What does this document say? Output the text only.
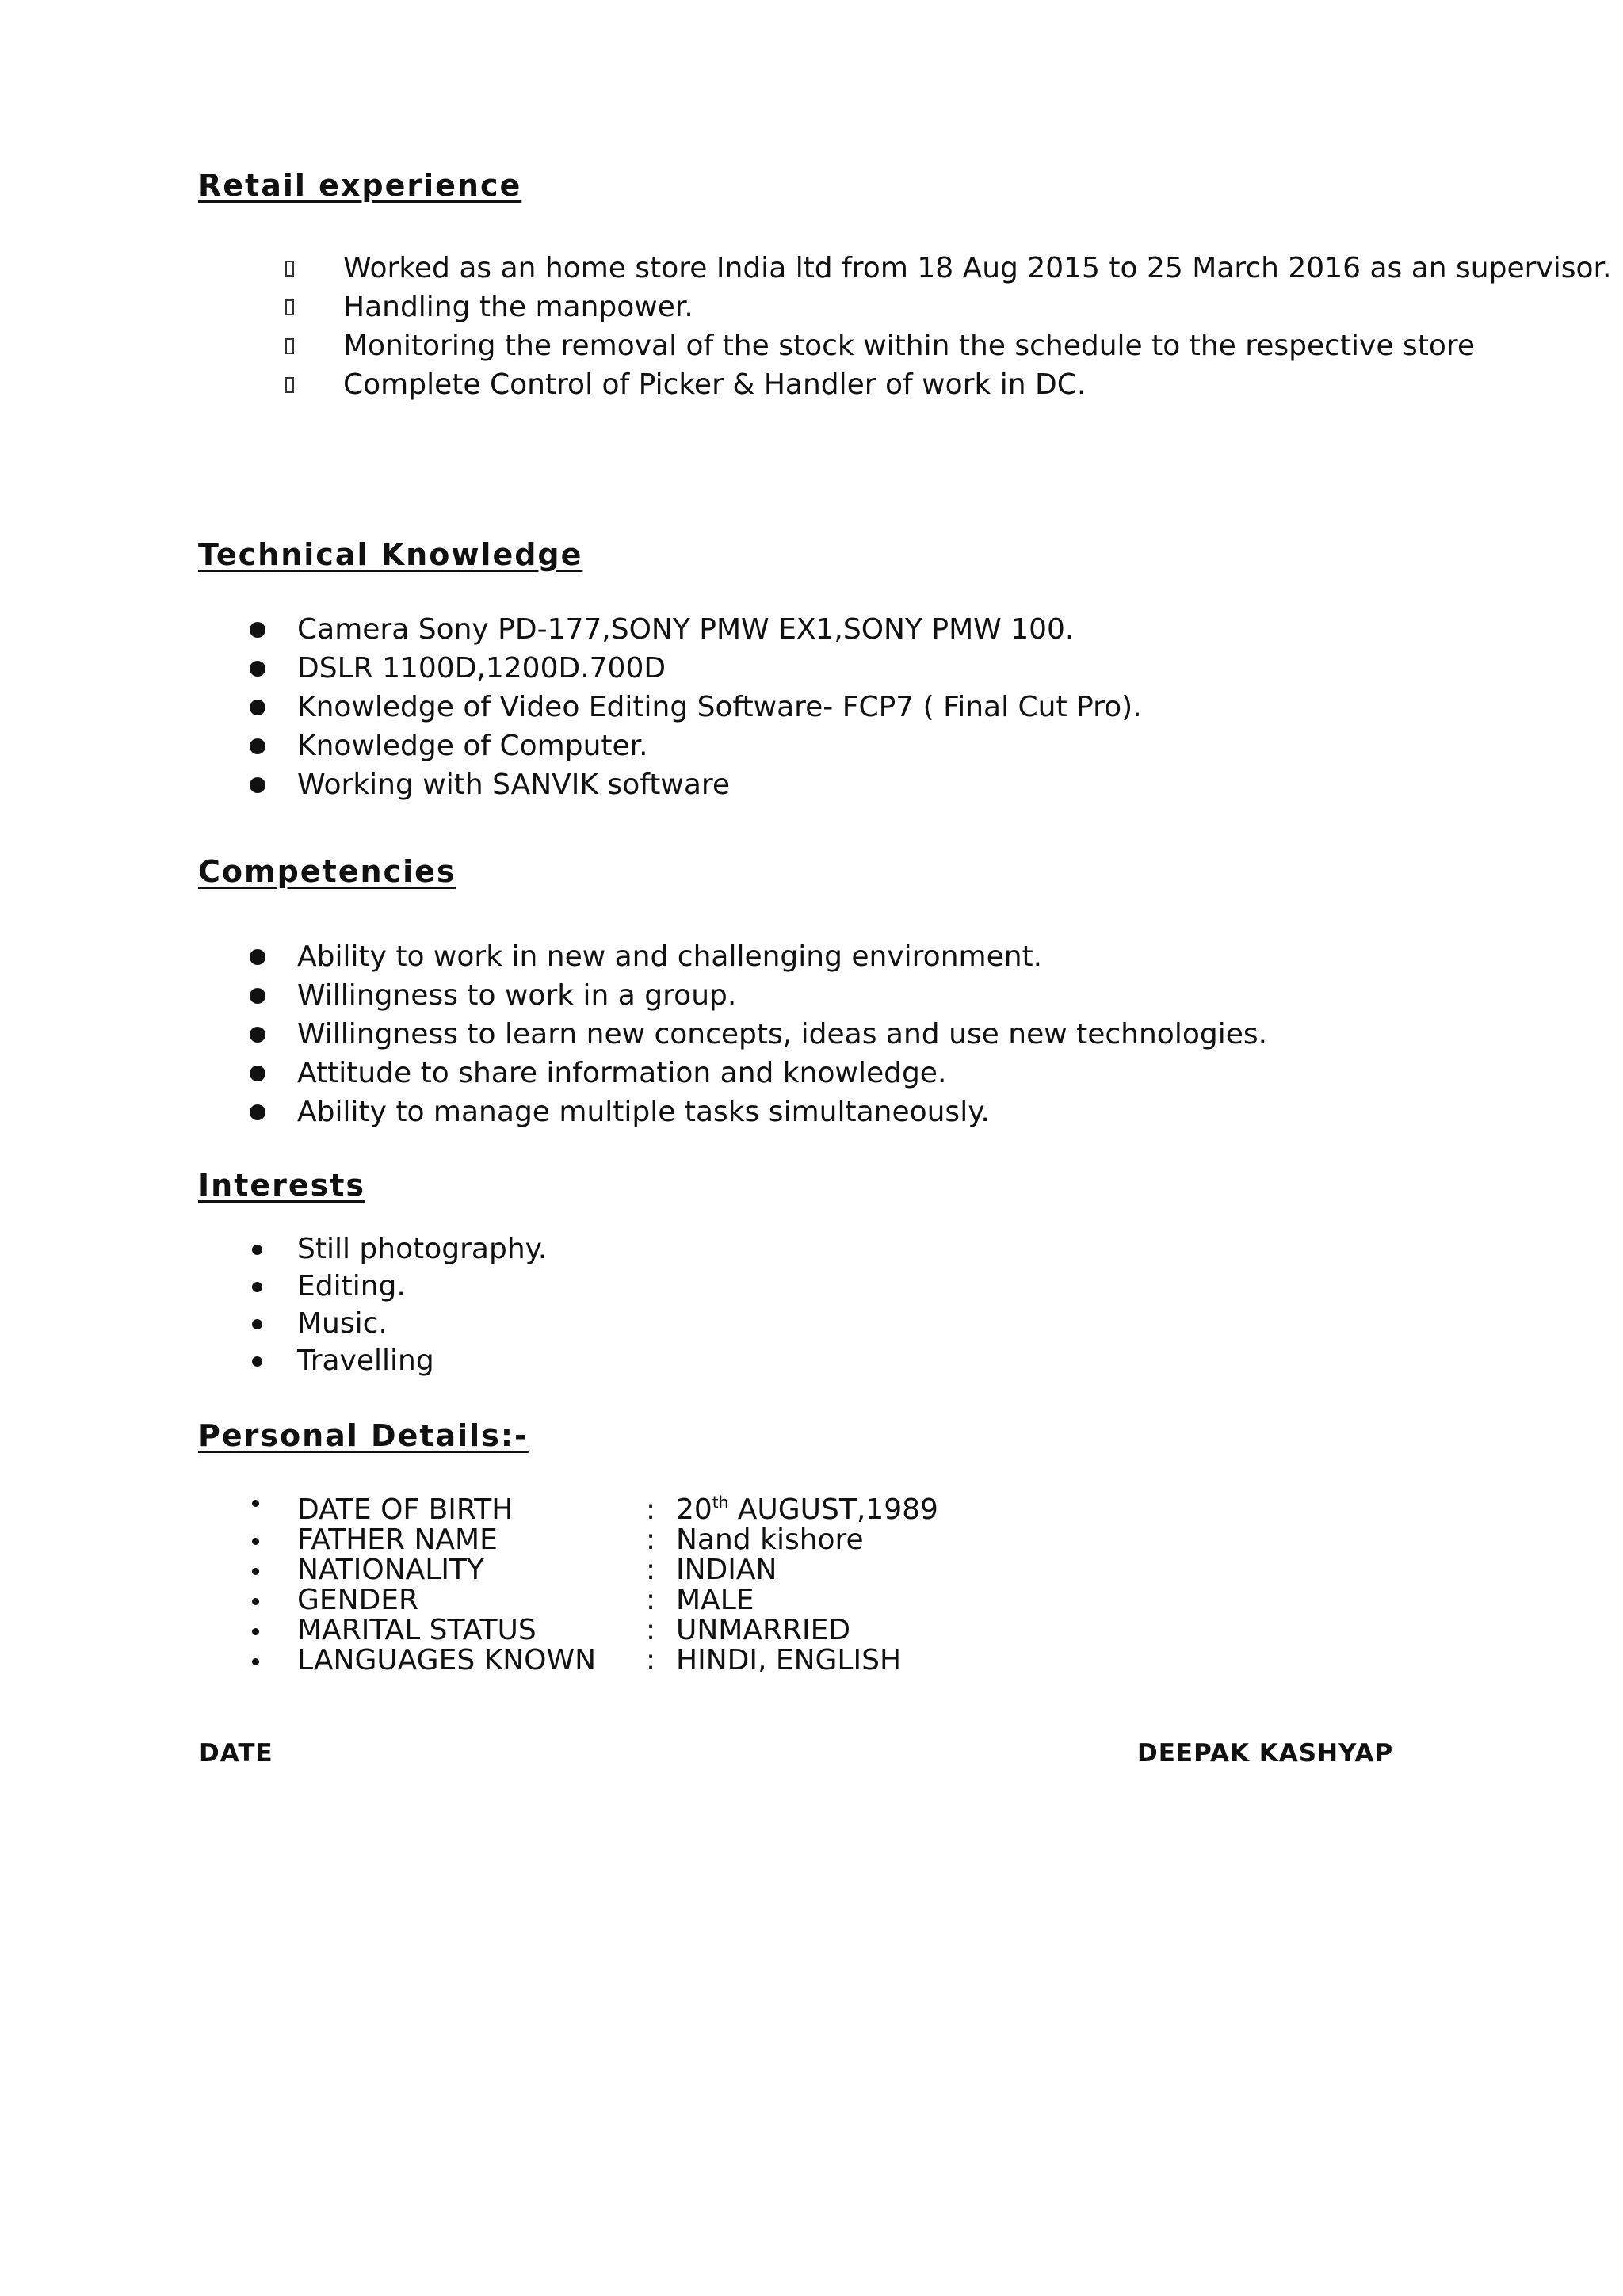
Retail experience
Worked as an home store India ltd from 18 Aug 2015 to 25 March 2016 as an supervisor.
Handling the manpower.
Monitoring the removal of the stock within the schedule to the respective store
Complete Control of Picker & Handler of work in DC.
Technical Knowledge
Camera Sony PD-177,SONY PMW EX1,SONY PMW 100.
DSLR 1100D,1200D.700D
Knowledge of Video Editing Software- FCP7 ( Final Cut Pro).
Knowledge of Computer.
Working with SANVIK software
Competencies
Ability to work in new and challenging environment.
Willingness to work in a group.
Willingness to learn new concepts, ideas and use new technologies.
Attitude to share information and knowledge.
Ability to manage multiple tasks simultaneously.
Interests
Still photography.
Editing.
Music.
Travelling
Personal Details:-
DATE OF BIRTH	: 20th AUGUST,1989
FATHER NAME	: Nand kishore
NATIONALITY	: INDIAN
GENDER	: MALE
MARITAL STATUS	: UNMARRIED
LANGUAGES KNOWN : HINDI, ENGLISH
DATE	DEEPAK KASHYAP
